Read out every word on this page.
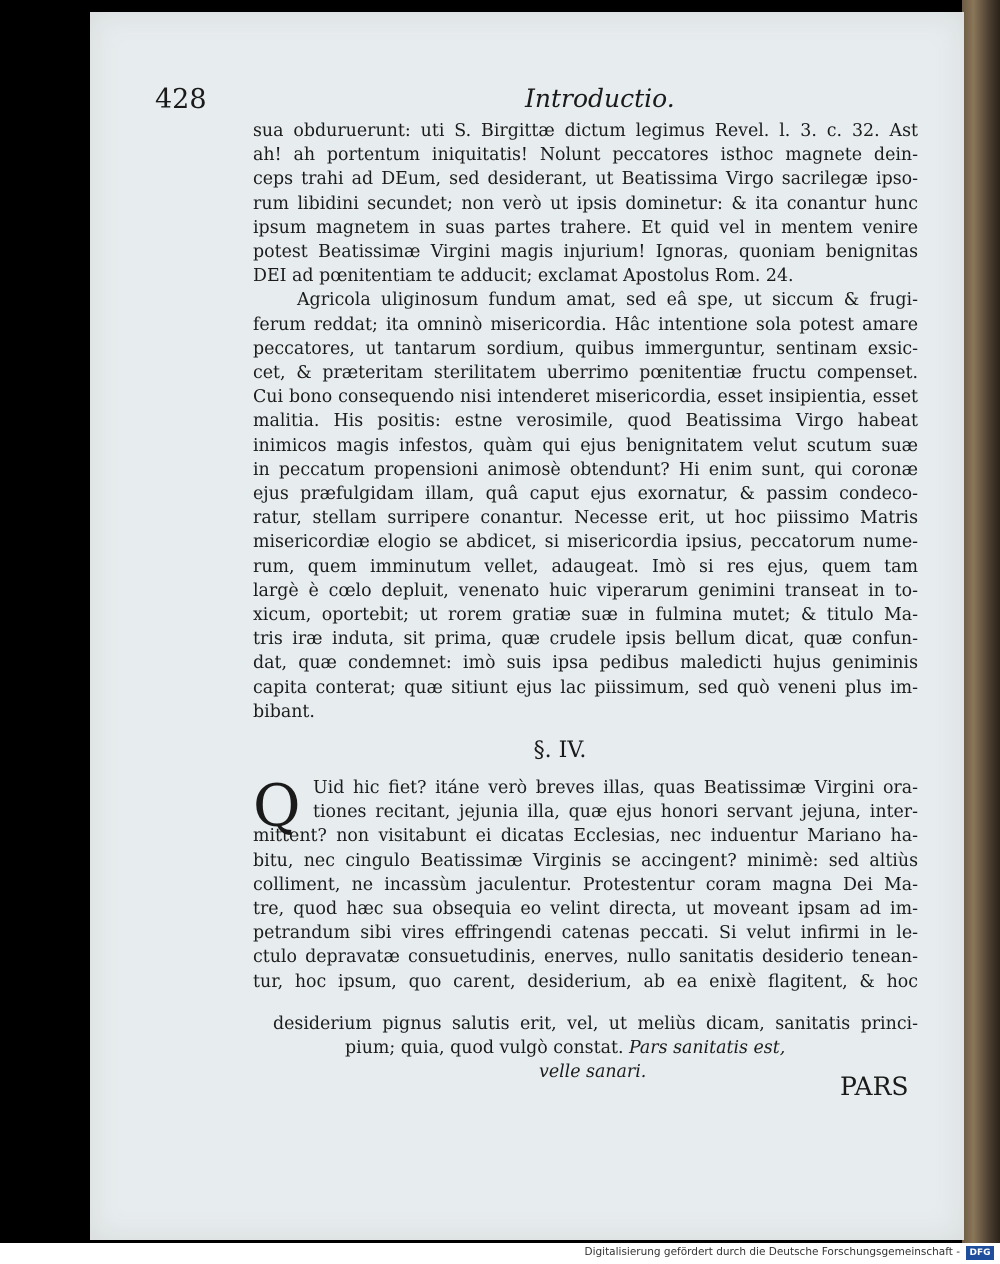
428	Introductio.
sua obduruerunt: uti S. Birgittæ dictum legimus Revel. l. 3. c. 32. Ast
ah! ah portentum iniquitatis! Nolunt peccatores isthoc magnete dein-
ceps trahi ad DEum, sed desiderant, ut Beatissima Virgo sacrilegæ ipso-
rum libidini secundet; non verò ut ipsis dominetur: & ita conantur hunc
ipsum magnetem in suas partes trahere. Et quid vel in mentem venire
potest Beatissimæ Virgini magis injurium! Ignoras, quoniam benignitas
DEI ad pœnitentiam te adducit; exclamat Apostolus Rom. 24.
Agricola uliginosum fundum amat, sed eâ spe, ut siccum & frugi-
ferum reddat; ita omninò misericordia. Hâc intentione sola potest amare
peccatores, ut tantarum sordium, quibus immerguntur, sentinam exsic-
cet, & præteritam sterilitatem uberrimo pœnitentiæ fructu compenset.
Cui bono consequendo nisi intenderet misericordia, esset insipientia, esset
malitia. His positis: estne verosimile, quod Beatissima Virgo habeat
inimicos magis infestos, quàm qui ejus benignitatem velut scutum suæ
in peccatum propensioni animosè obtendunt? Hi enim sunt, qui coronæ
ejus præfulgidam illam, quâ caput ejus exornatur, & passim condeco-
ratur, stellam surripere conantur. Necesse erit, ut hoc piissimo Matris
misericordiæ elogio se abdicet, si misericordia ipsius, peccatorum nume-
rum, quem imminutum vellet, adaugeat. Imò si res ejus, quem tam
largè è cœlo depluit, venenato huic viperarum genimini transeat in to-
xicum, oportebit; ut rorem gratiæ suæ in fulmina mutet; & titulo Ma-
tris iræ induta, sit prima, quæ crudele ipsis bellum dicat, quæ confun-
dat, quæ condemnet: imò suis ipsa pedibus maledicti hujus geniminis
capita conterat; quæ sitiunt ejus lac piissimum, sed quò veneni plus im-
bibant.
§. IV.
Q Uid hic fiet? itáne verò breves illas, quas Beatissimæ Virgini ora-
tiones recitant, jejunia illa, quæ ejus honori servant jejuna, inter-
mittent? non visitabunt ei dicatas Ecclesias, nec induentur Mariano ha-
bitu, nec cingulo Beatissimæ Virginis se accingent? minimè: sed altiùs
colliment, ne incassùm jaculentur. Protestentur coram magna Dei Ma-
tre, quod hæc sua obsequia eo velint directa, ut moveant ipsam ad im-
petrandum sibi vires effringendi catenas peccati. Si velut infirmi in le-
ctulo depravatæ consuetudinis, enerves, nullo sanitatis desiderio tenean-
tur, hoc ipsum, quo carent, desiderium, ab ea enixè flagitent, & hoc
desiderium pignus salutis erit, vel, ut meliùs dicam, sanitatis princi-
pium; quia, quod vulgò constat. Pars sanitatis est,
velle sanari.	PARS
Digitalisierung gefördert durch die Deutsche Forschungsgemeinschaft -	DFG
